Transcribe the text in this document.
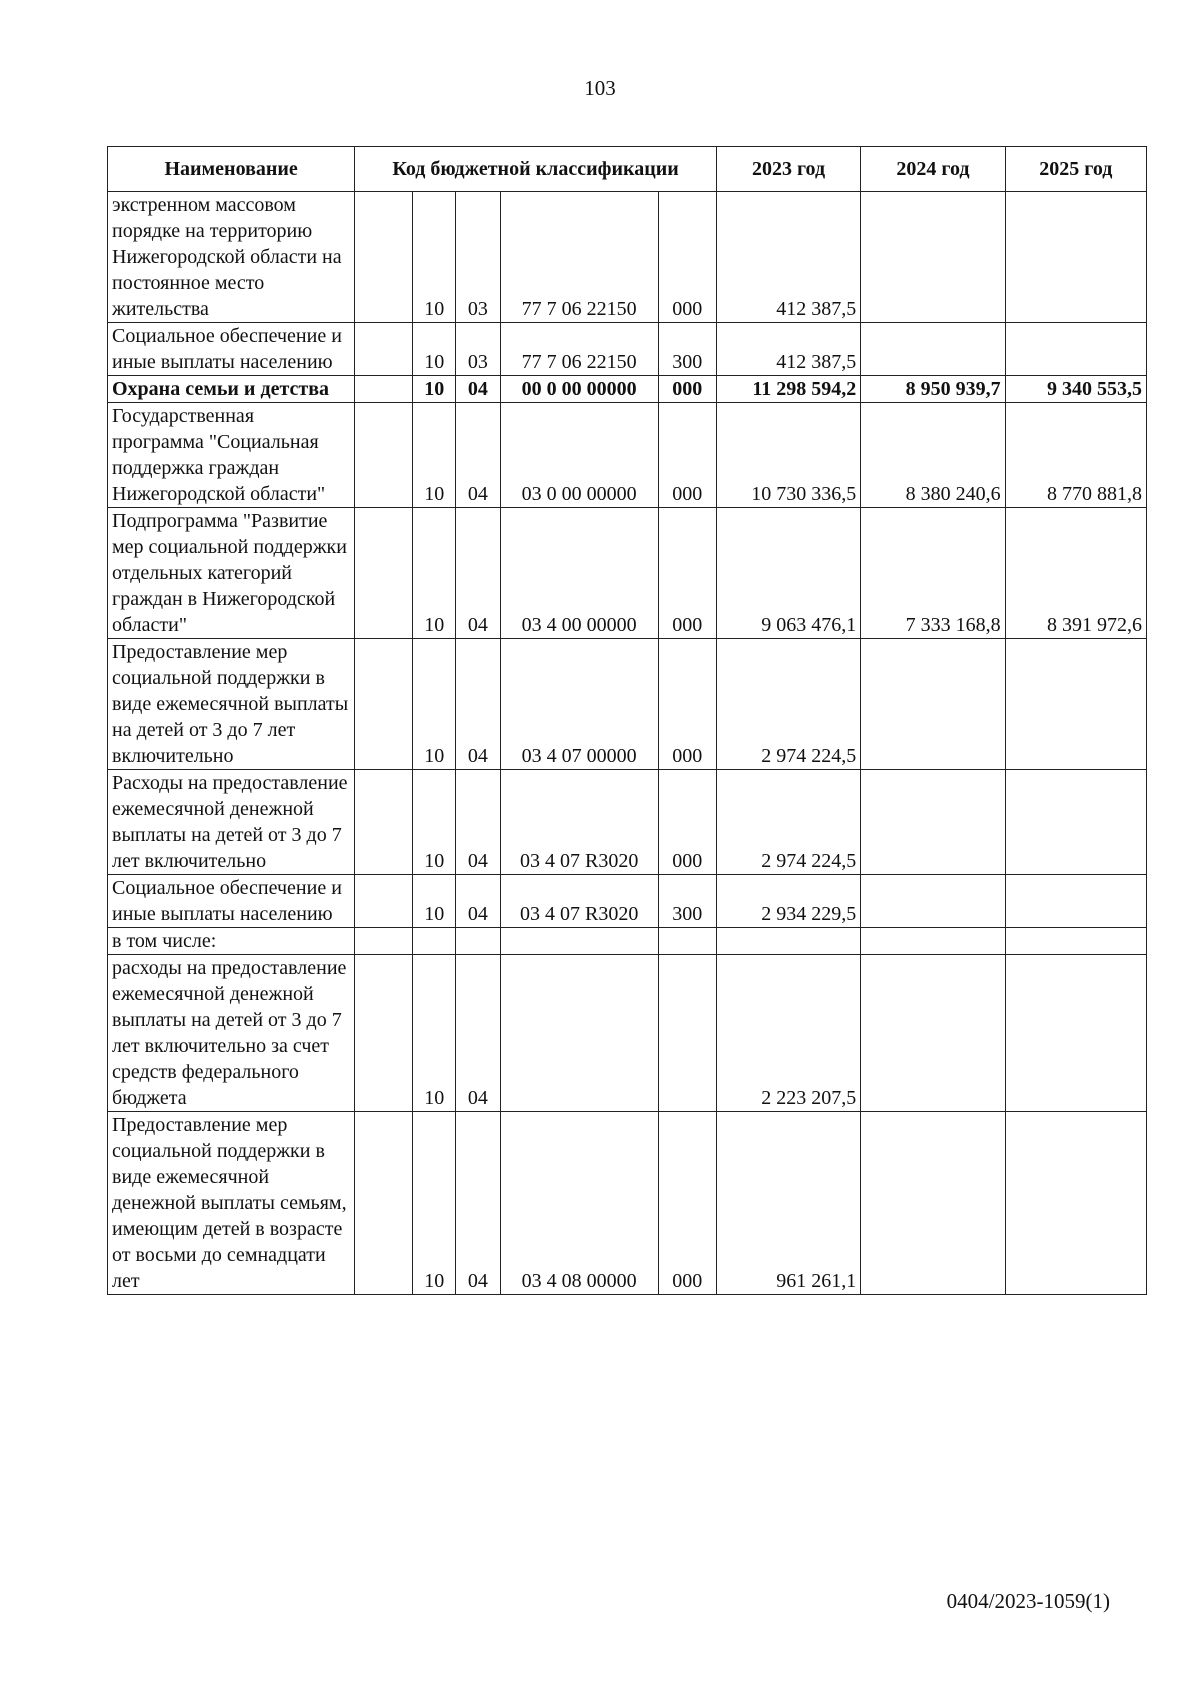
103
Наименование	Код бюджетной классификации					2023 год	2024 год	2025 год
экстренном массовом порядке на территорию Нижегородской области на постоянное место жительства		10	03	77 7 06 22150	000	412 387,5		
Социальное обеспечение и иные выплаты населению		10	03	77 7 06 22150	300	412 387,5		
Охрана семьи и детства		10	04	00 0 00 00000	000	11 298 594,2	8 950 939,7	9 340 553,5
Государственная программа "Социальная поддержка граждан Нижегородской области"		10	04	03 0 00 00000	000	10 730 336,5	8 380 240,6	8 770 881,8
Подпрограмма "Развитие мер социальной поддержки отдельных категорий граждан в Нижегородской области"		10	04	03 4 00 00000	000	9 063 476,1	7 333 168,8	8 391 972,6
Предоставление мер социальной поддержки в виде ежемесячной выплаты на детей от 3 до 7 лет включительно		10	04	03 4 07 00000	000	2 974 224,5		
Расходы на предоставление ежемесячной денежной выплаты на детей от 3 до 7 лет включительно		10	04	03 4 07 R3020	000	2 974 224,5		
Социальное обеспечение и иные выплаты населению		10	04	03 4 07 R3020	300	2 934 229,5		
в том числе:								
расходы на предоставление ежемесячной денежной выплаты на детей от 3 до 7 лет включительно за счет средств федерального бюджета		10	04			2 223 207,5		
Предоставление мер социальной поддержки в виде ежемесячной денежной выплаты семьям, имеющим детей в возрасте от восьми до семнадцати лет		10	04	03 4 08 00000	000	961 261,1		
0404/2023-1059(1)
